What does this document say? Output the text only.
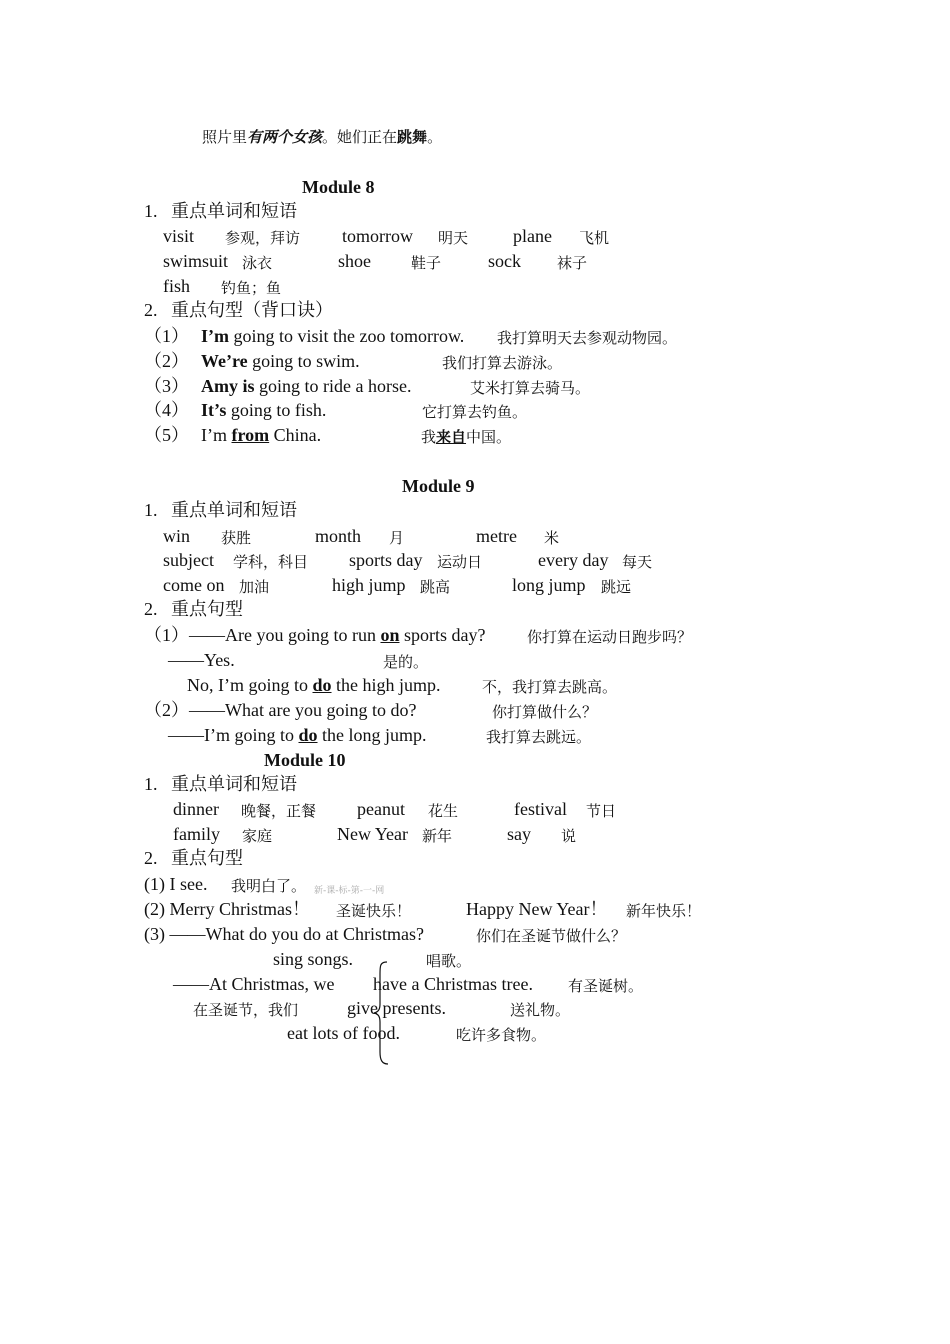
照片里有两个女孩。她们正在跳舞。
Module 8
1.   重点单词和短语
visit 参观，拜访 tomorrow 明天 plane 飞机
swimsuit 泳衣	shoe	鞋子	sock 袜子
fish 钓鱼；鱼
2.   重点句型（背口诀）
（1） I’m going to visit the zoo tomorrow. 我打算明天去参观动物园。
（2） We’re going to swim.	我们打算去游泳。
（3） Amy is going to ride a horse.	艾米打算去骑马。
（4） It’s going to fish.	它打算去钓鱼。
（5） I’m from China.	我来自中国。
Module 9
1.   重点单词和短语
win 获胜	month 月	metre 米
subject 学科，科目 sports day 运动日	every day 每天
come on 加油	high jump 跳高	long jump 跳远
2.   重点句型
（1）——Are you going to run on sports day?	你打算在运动日跑步吗？
——Yes.	是的。
No, I’m going to do the high jump.	不，我打算去跳高。
（2）——What are you going to do?	你打算做什么？
——I’m going to do the long jump.	我打算去跳远。
Module 10
1.   重点单词和短语
dinner 晚餐，正餐 peanut 花生	festival 节日
family 家庭	New Year 新年	say 说
2.   重点句型
(1) I see. 我明白了。 新-课-标-第-一-网
(2) Merry Christmas！ 圣诞快乐！	Happy New Year！ 新年快乐！
(3) ——What do you do at Christmas?	你们在圣诞节做什么？
sing songs.	唱歌。
——At Christmas, we have a Christmas tree. 有圣诞树。
在圣诞节，我们	give presents.	送礼物。
eat lots of food.	吃许多食物。
